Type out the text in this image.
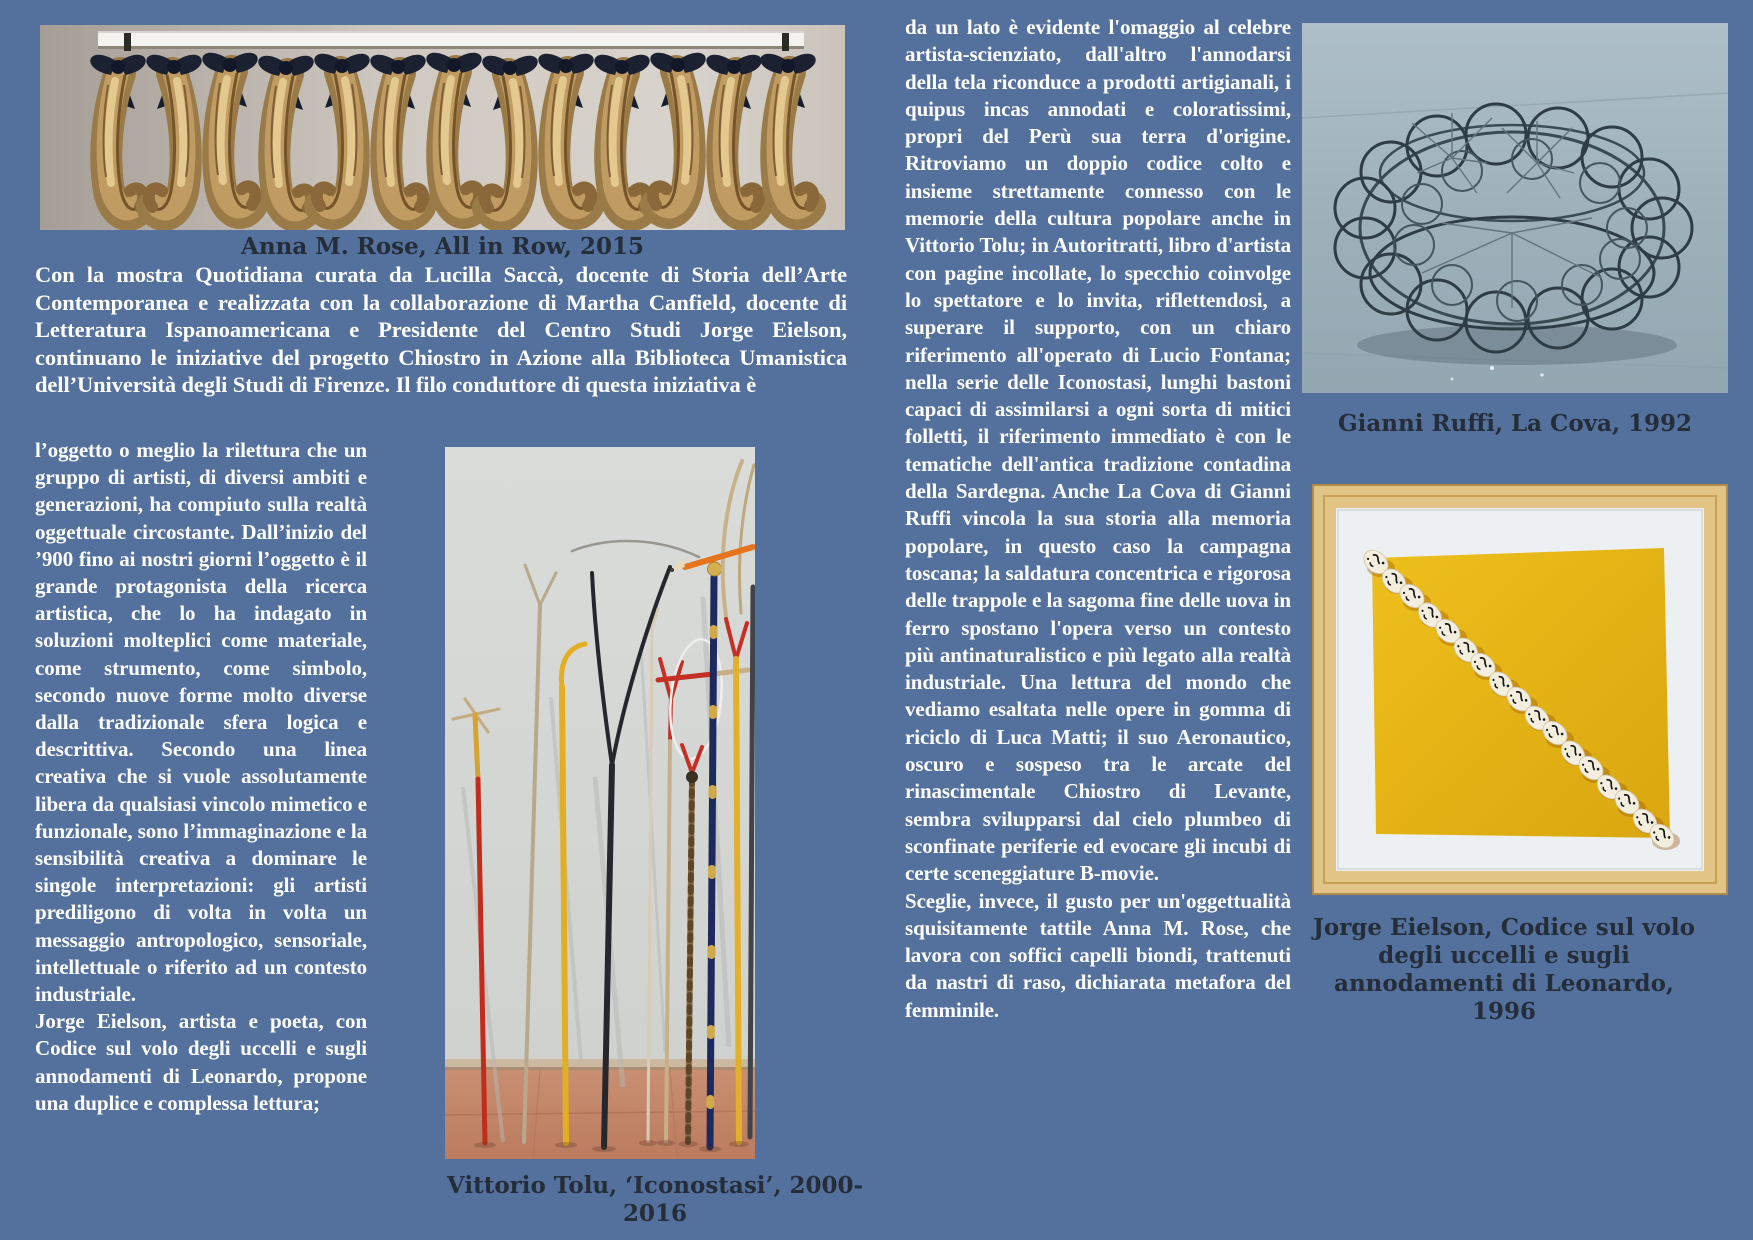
Anna M. Rose, All in Row, 2015

Con la mostra Quotidiana curata da Lucilla Saccà, docente di Storia dell’Arte Contemporanea e realizzata con la collaborazione di Martha Canfield, docente di Letteratura Ispanoamericana e Presidente del Centro Studi Jorge Eielson, continuano le iniziative del progetto Chiostro in Azione alla Biblioteca Umanistica dell’Università degli Studi di Firenze. Il filo conduttore di questa iniziativa è

l’oggetto o meglio la rilettura che un gruppo di artisti, di diversi ambiti e generazioni, ha compiuto sulla realtà oggettuale circostante. Dall’inizio del ’900 fino ai nostri giorni l’oggetto è il grande protagonista della ricerca artistica, che lo ha indagato in soluzioni molteplici come materiale, come strumento, come simbolo, secondo nuove forme molto diverse dalla tradizionale sfera logica e descrittiva. Secondo una linea creativa che si vuole assolutamente libera da qualsiasi vincolo mimetico e funzionale, sono l’immaginazione e la sensibilità creativa a dominare le singole interpretazioni: gli artisti prediligono di volta in volta un messaggio antropologico, sensoriale, intellettuale o riferito ad un contesto industriale.

Jorge Eielson, artista e poeta, con Codice sul volo degli uccelli e sugli annodamenti di Leonardo, propone una duplice e complessa lettura;

Vittorio Tolu, ‘Iconostasi’, 2000-2016

da un lato è evidente l'omaggio al celebre artista-scienziato, dall'altro l'annodarsi della tela riconduce a prodotti artigianali, i quipus incas annodati e coloratissimi, propri del Perù sua terra d'origine. Ritroviamo un doppio codice colto e insieme strettamente connesso con le memorie della cultura popolare anche in Vittorio Tolu; in Autoritratti, libro d'artista con pagine incollate, lo specchio coinvolge lo spettatore e lo invita, riflettendosi, a superare il supporto, con un chiaro riferimento all'operato di Lucio Fontana; nella serie delle Iconostasi, lunghi bastoni capaci di assimilarsi a ogni sorta di mitici folletti, il riferimento immediato è con le tematiche dell'antica tradizione contadina della Sardegna. Anche La Cova di Gianni Ruffi vincola la sua storia alla memoria popolare, in questo caso la campagna toscana; la saldatura concentrica e rigorosa delle trappole e la sagoma fine delle uova in ferro spostano l'opera verso un contesto più antinaturalistico e più legato alla realtà industriale. Una lettura del mondo che vediamo esaltata nelle opere in gomma di riciclo di Luca Matti; il suo Aeronautico, oscuro e sospeso tra le arcate del rinascimentale Chiostro di Levante, sembra svilupparsi dal cielo plumbeo di sconfinate periferie ed evocare gli incubi di certe sceneggiature B-movie.

Sceglie, invece, il gusto per un'oggettualità squisitamente tattile Anna M. Rose, che lavora con soffici capelli biondi, trattenuti da nastri di raso, dichiarata metafora del femminile.

Gianni Ruffi, La Cova, 1992
Jorge Eielson, Codice sul volo degli uccelli e sugli annodamenti di Leonardo, 1996
